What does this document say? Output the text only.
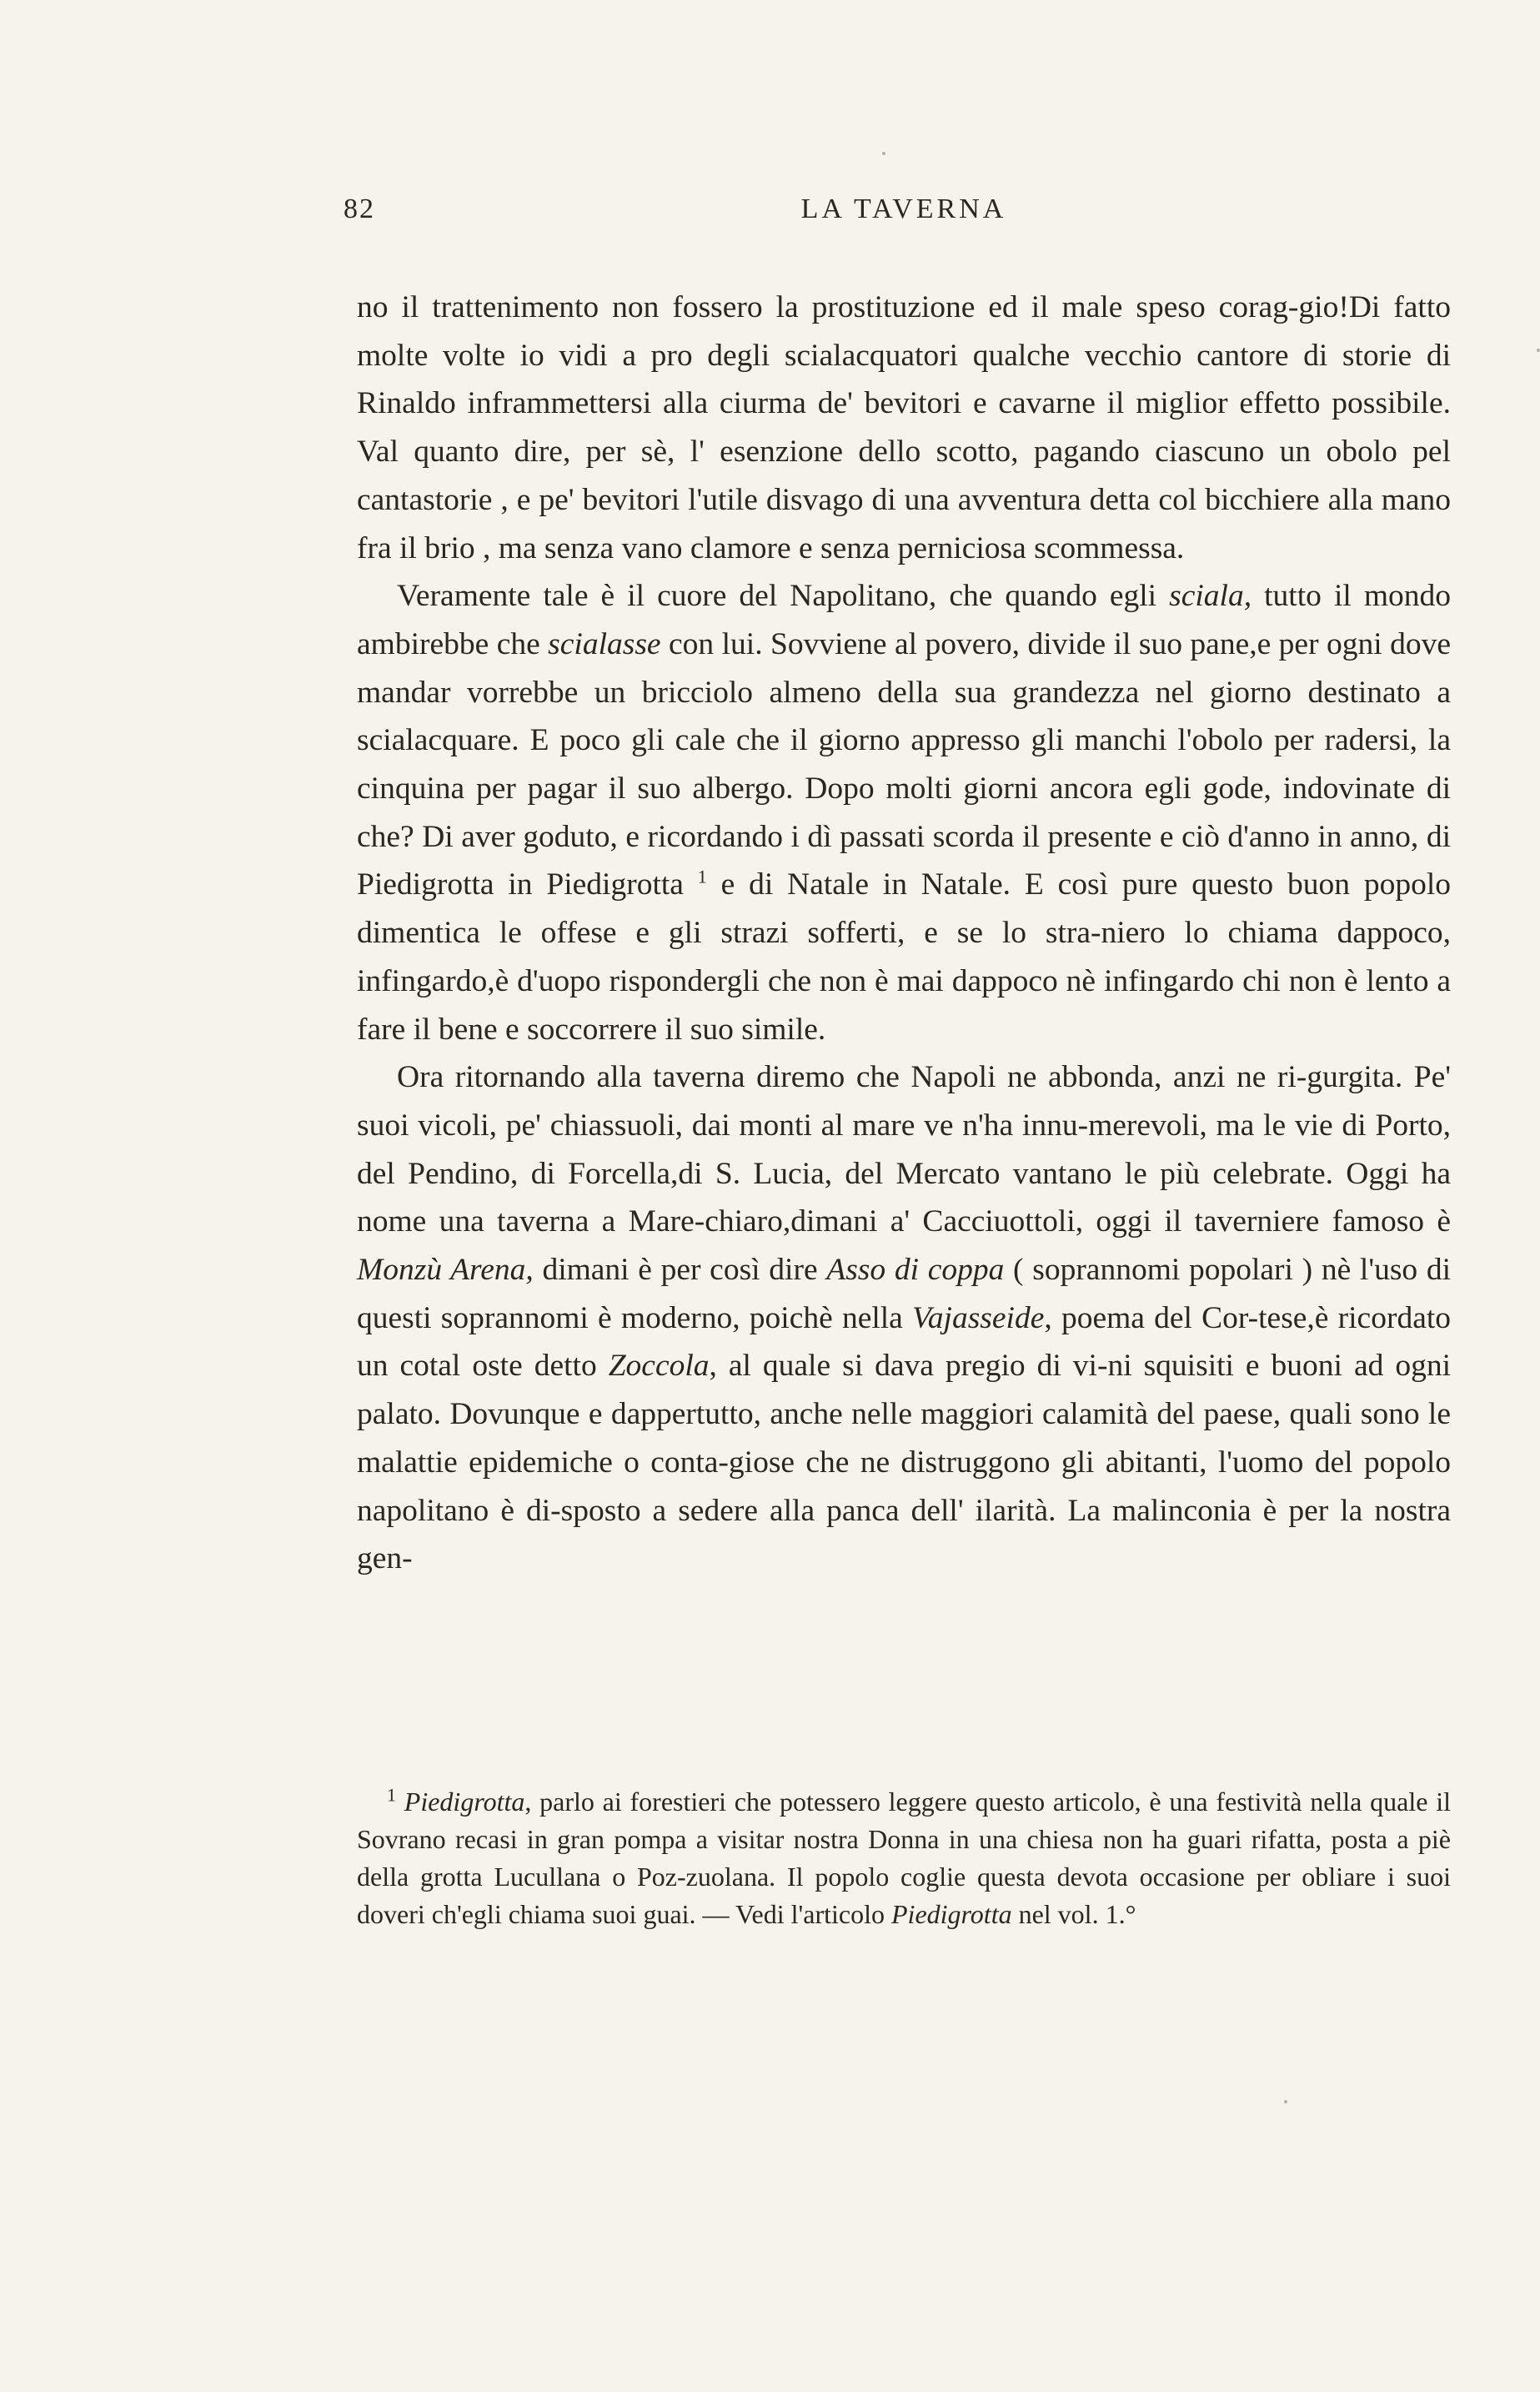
82	LA TAVERNA

no il trattenimento non fossero la prostituzione ed il male speso corag-gio!Di fatto molte volte io vidi a pro degli scialacquatori qualche vecchio cantore di storie di Rinaldo inframmettersi alla ciurma de' bevitori e cavarne il miglior effetto possibile. Val quanto dire, per sè, l' esenzione dello scotto, pagando ciascuno un obolo pel cantastorie , e pe' bevitori l'utile disvago di una avventura detta col bicchiere alla mano fra il brio , ma senza vano clamore e senza perniciosa scommessa.

Veramente tale è il cuore del Napolitano, che quando egli sciala, tutto il mondo ambirebbe che scialasse con lui. Sovviene al povero, divide il suo pane,e per ogni dove mandar vorrebbe un bricciolo almeno della sua grandezza nel giorno destinato a scialacquare. E poco gli cale che il giorno appresso gli manchi l'obolo per radersi, la cinquina per pagar il suo albergo. Dopo molti giorni ancora egli gode, indovinate di che? Di aver goduto, e ricordando i dì passati scorda il presente e ciò d'anno in anno, di Piedigrotta in Piedigrotta $^1$ e di Natale in Natale. E così pure questo buon popolo dimentica le offese e gli strazi sofferti, e se lo stra-niero lo chiama dappoco, infingardo,è d'uopo rispondergli che non è mai dappoco nè infingardo chi non è lento a fare il bene e soccorrere il suo simile.

Ora ritornando alla taverna diremo che Napoli ne abbonda, anzi ne ri-gurgita. Pe' suoi vicoli, pe' chiassuoli, dai monti al mare ve n'ha innu-merevoli, ma le vie di Porto, del Pendino, di Forcella,di S. Lucia, del Mercato vantano le più celebrate. Oggi ha nome una taverna a Mare-chiaro,dimani a' Cacciuottoli, oggi il taverniere famoso è Monzù Arena, dimani è per così dire Asso di coppa ( soprannomi popolari ) nè l'uso di questi soprannomi è moderno, poichè nella Vajasseide, poema del Cor-tese,è ricordato un cotal oste detto Zoccola, al quale si dava pregio di vi-ni squisiti e buoni ad ogni palato. Dovunque e dappertutto, anche nelle maggiori calamità del paese, quali sono le malattie epidemiche o conta-giose che ne distruggono gli abitanti, l'uomo del popolo napolitano è di-sposto a sedere alla panca dell' ilarità. La malinconia è per la nostra gen-

$^1$ Piedigrotta, parlo ai forestieri che potessero leggere questo articolo, è una festività nella quale il Sovrano recasi in gran pompa a visitar nostra Donna in una chiesa non ha guari rifatta, posta a piè della grotta Lucullana o Poz-zuolana. Il popolo coglie questa devota occasione per obliare i suoi doveri ch'egli chiama suoi guai. — Vedi l'articolo Piedigrotta nel vol. 1.°
